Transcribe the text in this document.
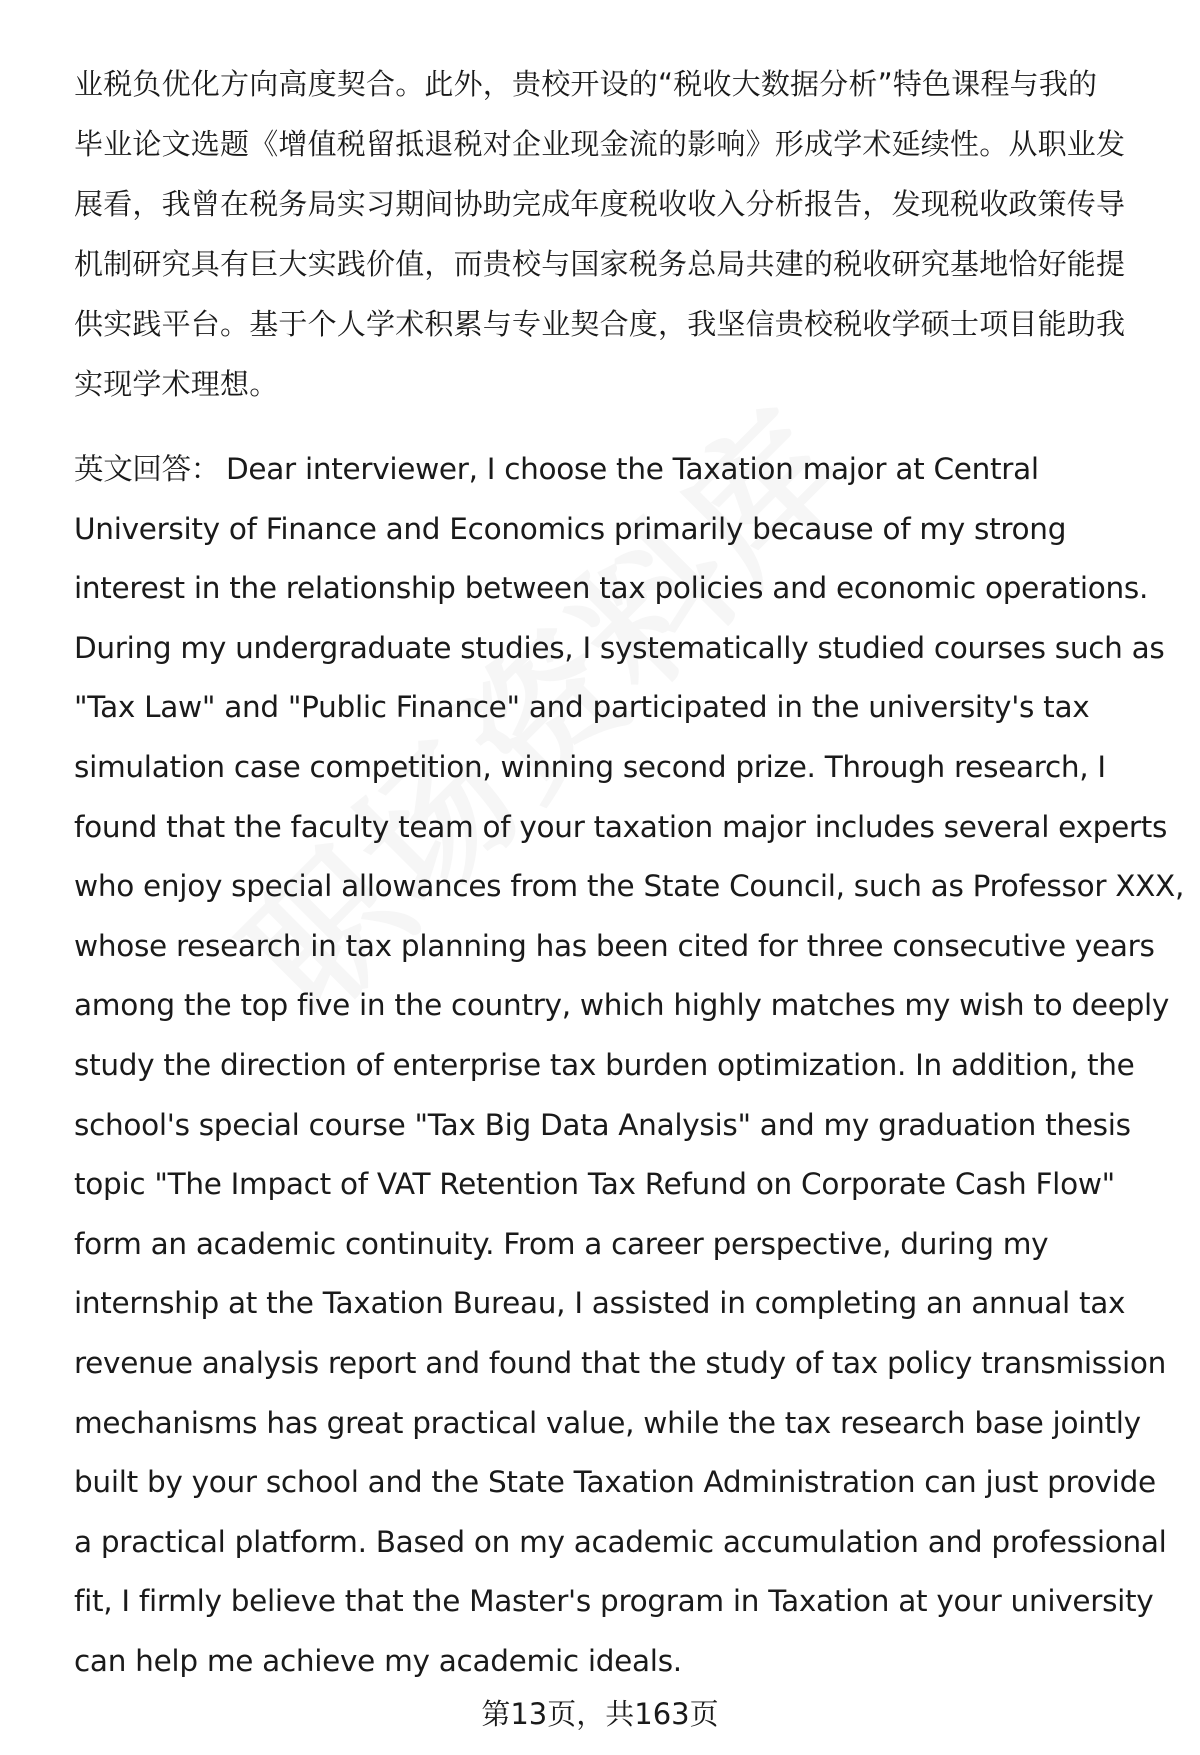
业税负优化方向高度契合。此外，贵校开设的“税收大数据分析”特色课程与我的
毕业论文选题《增值税留抵退税对企业现金流的影响》形成学术延续性。从职业发
展看，我曾在税务局实习期间协助完成年度税收收入分析报告，发现税收政策传导
机制研究具有巨大实践价值，而贵校与国家税务总局共建的税收研究基地恰好能提
供实践平台。基于个人学术积累与专业契合度，我坚信贵校税收学硕士项目能助我
实现学术理想。

英文回答： Dear interviewer, I choose the Taxation major at Central
University of Finance and Economics primarily because of my strong
interest in the relationship between tax policies and economic operations.
During my undergraduate studies, I systematically studied courses such as
"Tax Law" and "Public Finance" and participated in the university's tax
simulation case competition, winning second prize. Through research, I
found that the faculty team of your taxation major includes several experts
who enjoy special allowances from the State Council, such as Professor XXX,
whose research in tax planning has been cited for three consecutive years
among the top five in the country, which highly matches my wish to deeply
study the direction of enterprise tax burden optimization. In addition, the
school's special course "Tax Big Data Analysis" and my graduation thesis
topic "The Impact of VAT Retention Tax Refund on Corporate Cash Flow"
form an academic continuity. From a career perspective, during my
internship at the Taxation Bureau, I assisted in completing an annual tax
revenue analysis report and found that the study of tax policy transmission
mechanisms has great practical value, while the tax research base jointly
built by your school and the State Taxation Administration can just provide
a practical platform. Based on my academic accumulation and professional
fit, I firmly believe that the Master's program in Taxation at your university
can help me achieve my academic ideals.

第13页，共163页
